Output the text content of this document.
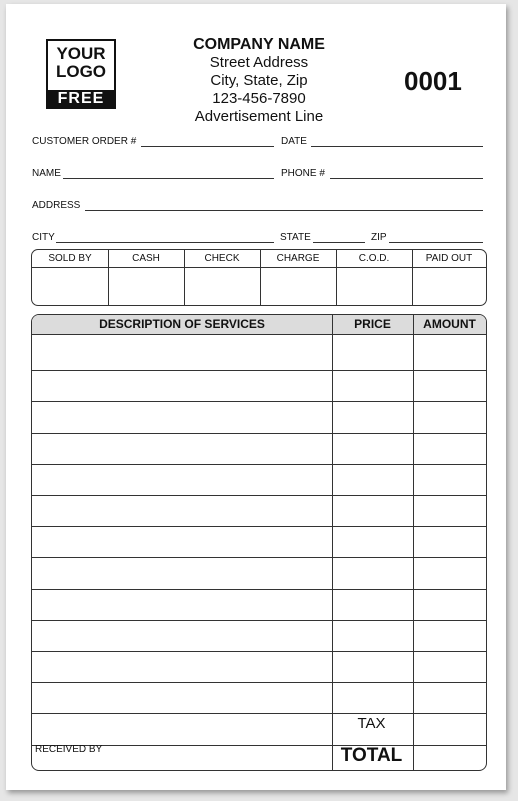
YOUR
LOGO
FREE
COMPANY NAME
Street Address
City, State, Zip
123-456-7890
Advertisement Line
0001
CUSTOMER ORDER #	DATE
NAME	PHONE #
ADDRESS
CITY	STATE	ZIP
SOLD BY	CASH	CHECK	CHARGE	C.O.D.	PAID OUT
DESCRIPTION OF SERVICES	PRICE	AMOUNT
TAX
TOTAL
RECEIVED BY
